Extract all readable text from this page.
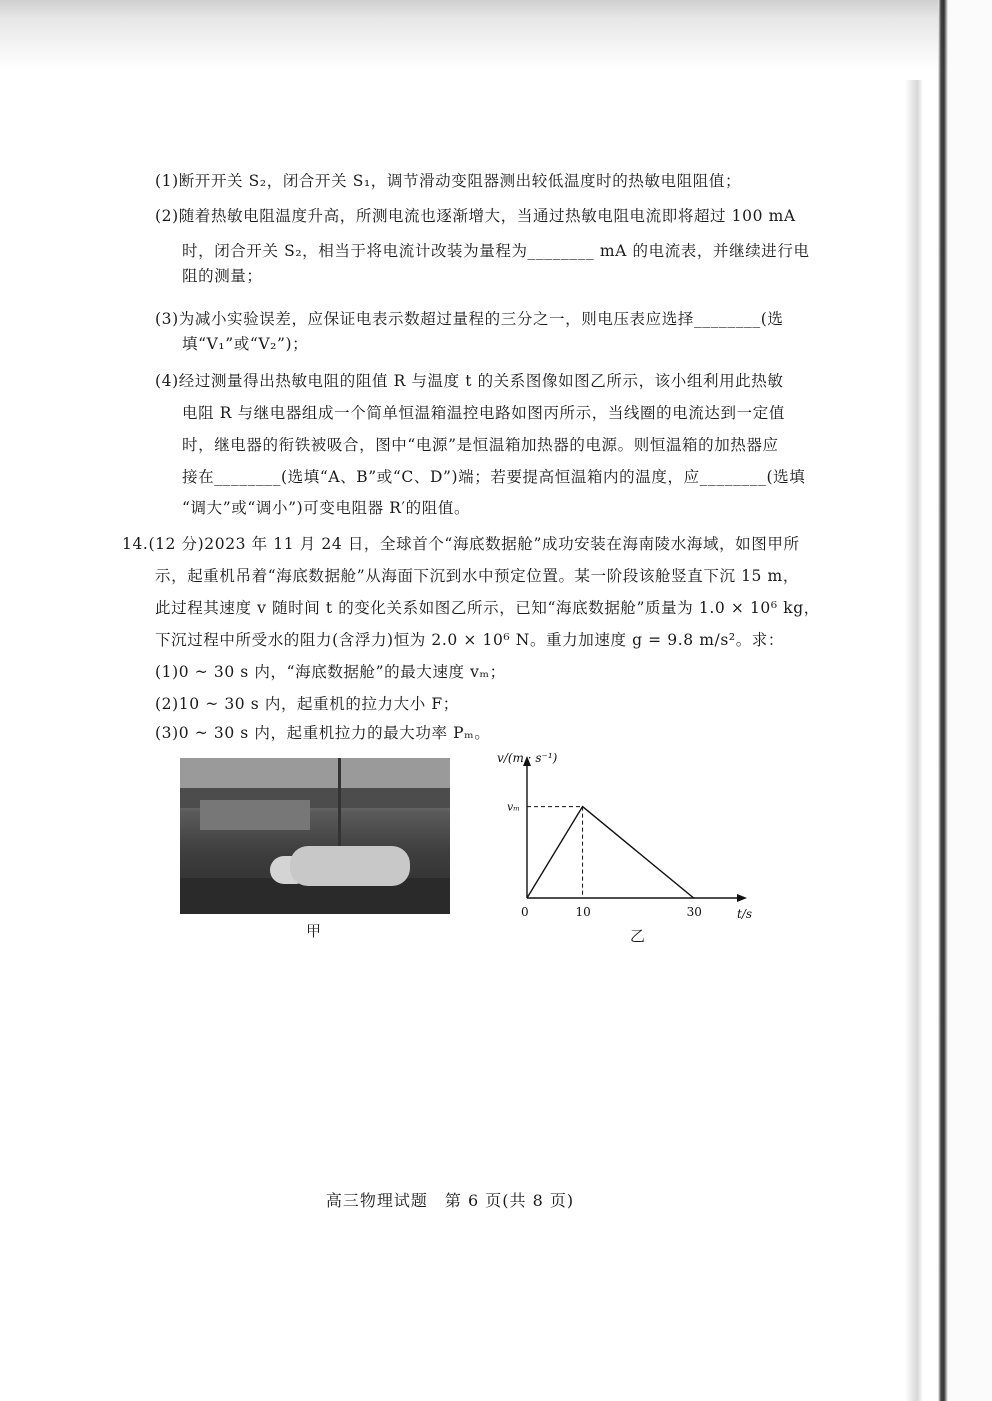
(1)断开开关 S₂，闭合开关 S₁，调节滑动变阻器测出较低温度时的热敏电阻阻值；
(2)随着热敏电阻温度升高，所测电流也逐渐增大，当通过热敏电阻电流即将超过 100 mA
时，闭合开关 S₂，相当于将电流计改装为量程为________ mA 的电流表，并继续进行电
阻的测量；
(3)为减小实验误差，应保证电表示数超过量程的三分之一，则电压表应选择________(选
填“V₁”或“V₂”)；
(4)经过测量得出热敏电阻的阻值 R 与温度 t 的关系图像如图乙所示，该小组利用此热敏
电阻 R 与继电器组成一个简单恒温箱温控电路如图丙所示，当线圈的电流达到一定值
时，继电器的衔铁被吸合，图中“电源”是恒温箱加热器的电源。则恒温箱的加热器应
接在________(选填“A、B”或“C、D”)端；若要提高恒温箱内的温度，应________(选填
“调大”或“调小”)可变电阻器 R′的阻值。
14.(12 分)2023 年 11 月 24 日，全球首个“海底数据舱”成功安装在海南陵水海域，如图甲所
示，起重机吊着“海底数据舱”从海面下沉到水中预定位置。某一阶段该舱竖直下沉 15 m，
此过程其速度 v 随时间 t 的变化关系如图乙所示，已知“海底数据舱”质量为 1.0 × 10⁶ kg，
下沉过程中所受水的阻力(含浮力)恒为 2.0 × 10⁶ N。重力加速度 g = 9.8 m/s²。求：
(1)0 ~ 30 s 内，“海底数据舱”的最大速度 vₘ；
(2)10 ~ 30 s 内，起重机的拉力大小 F；
(3)0 ~ 30 s 内，起重机拉力的最大功率 Pₘ。
甲
v/(m · s⁻¹)
t/s
0	10	30
vₘ
乙
高三物理试题　第 6 页(共 8 页)
